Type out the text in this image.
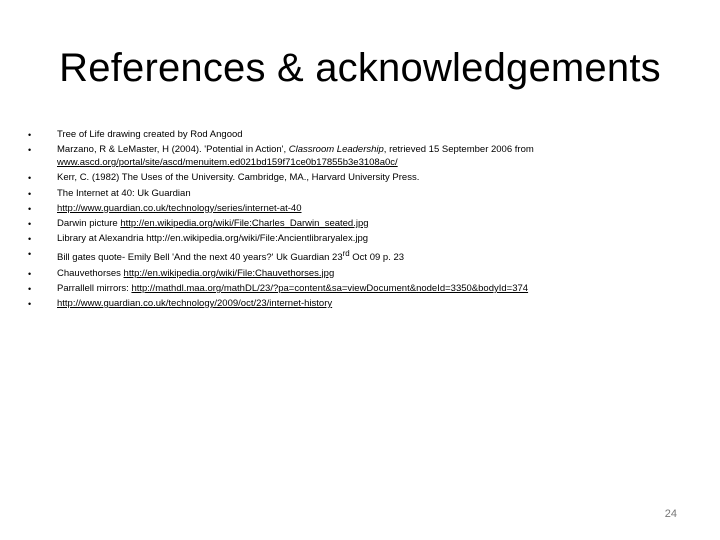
References & acknowledgements
•	Tree of Life drawing created by Rod Angood
•	Marzano, R & LeMaster, H (2004). 'Potential in Action', Classroom Leadership, retrieved 15 September 2006 from www.ascd.org/portal/site/ascd/menuitem.ed021bd159f71ce0b17855b3e3108a0c/
•	Kerr, C. (1982) The Uses of the University. Cambridge, MA., Harvard University Press.
•	The Internet at 40: Uk Guardian
•	http://www.guardian.co.uk/technology/series/internet-at-40
•	Darwin picture http://en.wikipedia.org/wiki/File:Charles_Darwin_seated.jpg
•	Library at Alexandria http://en.wikipedia.org/wiki/File:Ancientlibraryalex.jpg
•	Bill gates quote- Emily Bell 'And the next 40 years?' Uk Guardian 23rd Oct 09 p. 23
•	Chauvethorses http://en.wikipedia.org/wiki/File:Chauvethorses.jpg
•	Parrallell mirrors: http://mathdl.maa.org/mathDL/23/?pa=content&sa=viewDocument&nodeId=3350&bodyId=374
•	http://www.guardian.co.uk/technology/2009/oct/23/internet-history
24
